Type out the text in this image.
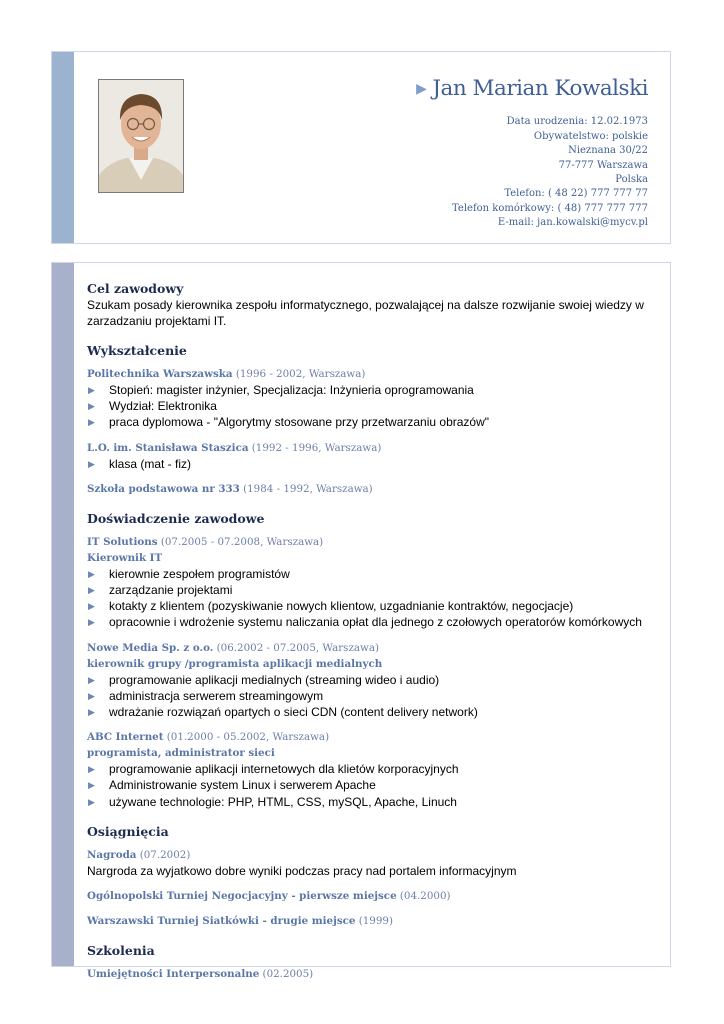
▶ Jan Marian Kowalski
Data urodzenia: 12.02.1973
Obywatelstwo: polskie
Nieznana 30/22
77-777 Warszawa
Polska
Telefon: ( 48 22) 777 777 77
Telefon komórkowy: ( 48) 777 777 777
E-mail: jan.kowalski@mycv.pl
Cel zawodowy
Szukam posady kierownika zespołu informatycznego, pozwalającej na dalsze rozwijanie swoiej wiedzy w zarzadzaniu projektami IT.
Wykształcenie
Politechnika Warszawska (1996 - 2002, Warszawa)
▶ Stopień: magister inżynier, Specjalizacja: Inżynieria oprogramowania
▶ Wydział: Elektronika
▶ praca dyplomowa - "Algorytmy stosowane przy przetwarzaniu obrazów"
L.O. im. Stanisława Staszica (1992 - 1996, Warszawa)
▶ klasa (mat - fiz)
Szkoła podstawowa nr 333 (1984 - 1992, Warszawa)
Doświadczenie zawodowe
IT Solutions (07.2005 - 07.2008, Warszawa)
Kierownik IT
▶ kierownie zespołem programistów
▶ zarządzanie projektami
▶ kotakty z klientem (pozyskiwanie nowych klientow, uzgadnianie kontraktów, negocjacje)
▶ opracownie i wdrożenie systemu naliczania opłat dla jednego z czołowych operatorów komórkowych
Nowe Media Sp. z o.o. (06.2002 - 07.2005, Warszawa)
kierownik grupy /programista aplikacji medialnych
▶ programowanie aplikacji medialnych (streaming wideo i audio)
▶ administracja serwerem streamingowym
▶ wdrażanie rozwiązań opartych o sieci CDN (content delivery network)
ABC Internet (01.2000 - 05.2002, Warszawa)
programista, administrator sieci
▶ programowanie aplikacji internetowych dla klietów korporacyjnych
▶ Administrowanie system Linux i serwerem Apache
▶ używane technologie: PHP, HTML, CSS, mySQL, Apache, Linuch
Osiągnięcia
Nagroda (07.2002)
Nargroda za wyjatkowo dobre wyniki podczas pracy nad portalem informacyjnym
Ogólnopolski Turniej Negocjacyjny - pierwsze miejsce (04.2000)
Warszawski Turniej Siatkówki - drugie miejsce (1999)
Szkolenia
Umiejętności Interpersonalne (02.2005)
